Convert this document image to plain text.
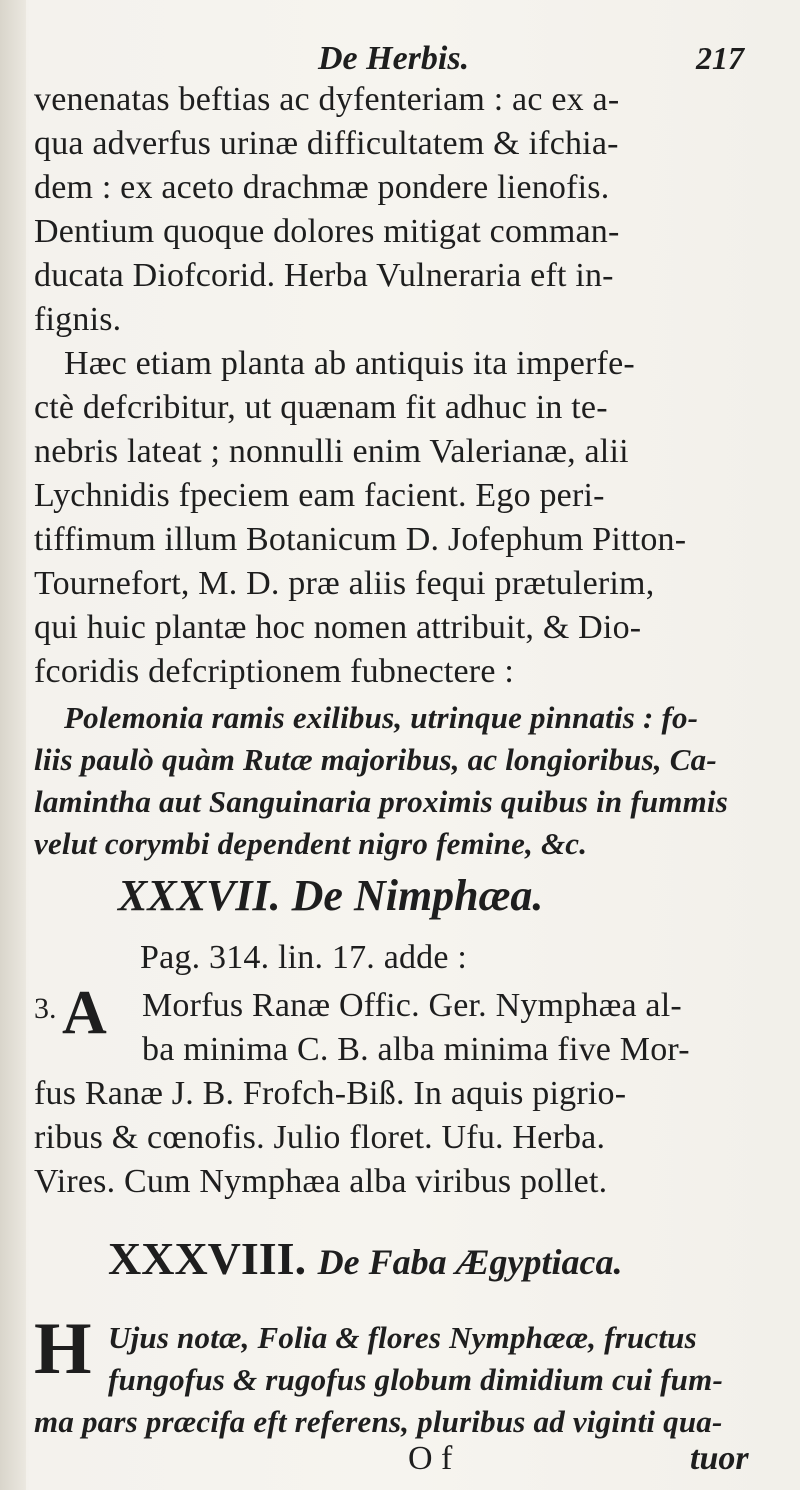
De Herbis.	217
venenatas beftias ac dyfenteriam : ac ex a-
qua adverfus urinæ difficultatem & ifchia-
dem : ex aceto drachmæ pondere lienofis.
Dentium quoque dolores mitigat comman-
ducata Diofcorid. Herba Vulneraria eft in-
fignis.
Hæc etiam planta ab antiquis ita imperfe-
ctè defcribitur, ut quænam fit adhuc in te-
nebris lateat ; nonnulli enim Valerianæ, alii
Lychnidis fpeciem eam facient. Ego peri-
tiffimum illum Botanicum D. Jofephum Pitton-
Tournefort, M. D. præ aliis fequi prætulerim,
qui huic plantæ hoc nomen attribuit, & Dio-
fcoridis defcriptionem fubnectere :
Polemonia ramis exilibus, utrinque pinnatis : fo-
liis paulò quàm Rutæ majoribus, ac longioribus, Ca-
lamintha aut Sanguinaria proximis quibus in fummis
velut corymbi dependent nigro femine, &c.
XXXVII. De Nimphæa.
Pag. 314. lin. 17. adde :
3. A Morfus Ranæ Offic. Ger. Nymphæa al-
ba minima C. B. alba minima five Mor-
fus Ranæ J. B. Frofch-Biß. In aquis pigrio-
ribus & cœnofis. Julio floret. Ufu. Herba.
Vires. Cum Nymphæa alba viribus pollet.
XXXVIII. De Faba Ægyptiaca.
H Ujus notæ, Folia & flores Nymphææ, fructus
fungofus & rugofus globum dimidium cui fum-
ma pars præcifa eft referens, pluribus ad viginti qua-
O f	tuor
